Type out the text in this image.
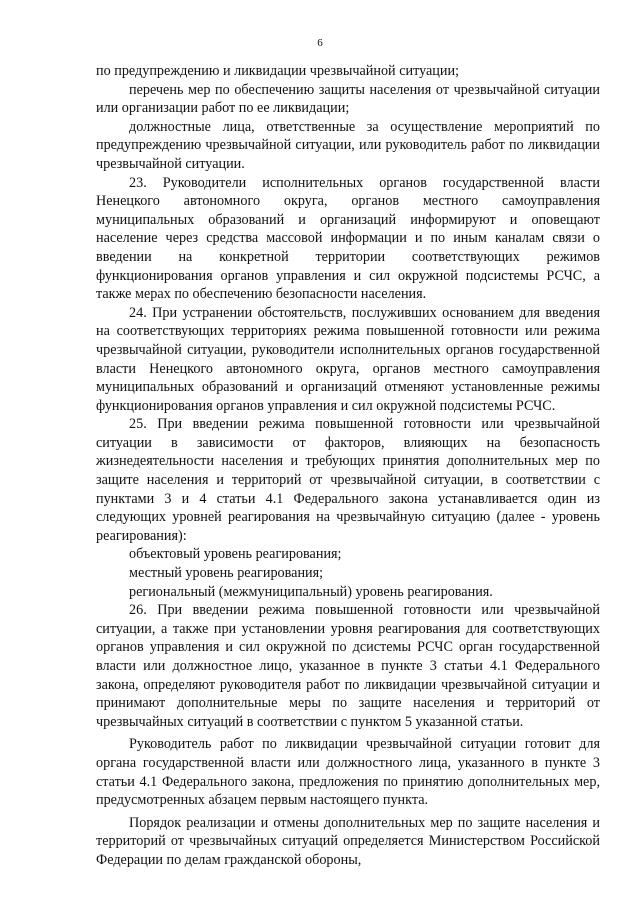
6

по предупреждению и ликвидации чрезвычайной ситуации;

перечень мер по обеспечению защиты населения от чрезвычайной ситуации или организации работ по ее ликвидации;

должностные лица, ответственные за осуществление мероприятий по предупреждению чрезвычайной ситуации, или руководитель работ по ликвидации чрезвычайной ситуации.

23. Руководители исполнительных органов государственной власти Ненецкого автономного округа, органов местного самоуправления муниципальных образований и организаций информируют и оповещают население через средства массовой информации и по иным каналам связи о введении на конкретной территории соответствующих режимов функционирования органов управления и сил окружной подсистемы РСЧС, а также мерах по обеспечению безопасности населения.

24. При устранении обстоятельств, послуживших основанием для введения на соответствующих территориях режима повышенной готовности или режима чрезвычайной ситуации, руководители исполнительных органов государственной власти Ненецкого автономного округа, органов местного самоуправления муниципальных образований и организаций отменяют установленные режимы функционирования органов управления и сил окружной подсистемы РСЧС.

25. При введении режима повышенной готовности или чрезвычайной ситуации в зависимости от факторов, влияющих на безопасность жизнедеятельности населения и требующих принятия дополнительных мер по защите населения и территорий от чрезвычайной ситуации, в соответствии с пунктами 3 и 4 статьи 4.1 Федерального закона устанавливается один из следующих уровней реагирования на чрезвычайную ситуацию (далее - уровень реагирования):

объектовый уровень реагирования;

местный уровень реагирования;

региональный (межмуниципальный) уровень реагирования.

26. При введении режима повышенной готовности или чрезвычайной ситуации, а также при установлении уровня реагирования для соответствующих органов управления и сил окружной по дсистемы РСЧС орган государственной власти или должностное лицо, указанное в пункте 3 статьи 4.1 Федерального закона, определяют руководителя работ по ликвидации чрезвычайной ситуации и принимают дополнительные меры по защите населения и территорий от чрезвычайных ситуаций в соответствии с пунктом 5 указанной статьи.

Руководитель работ по ликвидации чрезвычайной ситуации готовит для органа государственной власти или должностного лица, указанного в пункте 3 статьи 4.1 Федерального закона, предложения по принятию дополнительных мер, предусмотренных абзацем первым настоящего пункта.

Порядок реализации и отмены дополнительных мер по защите населения и территорий от чрезвычайных ситуаций определяется Министерством Российской Федерации по делам гражданской обороны,
